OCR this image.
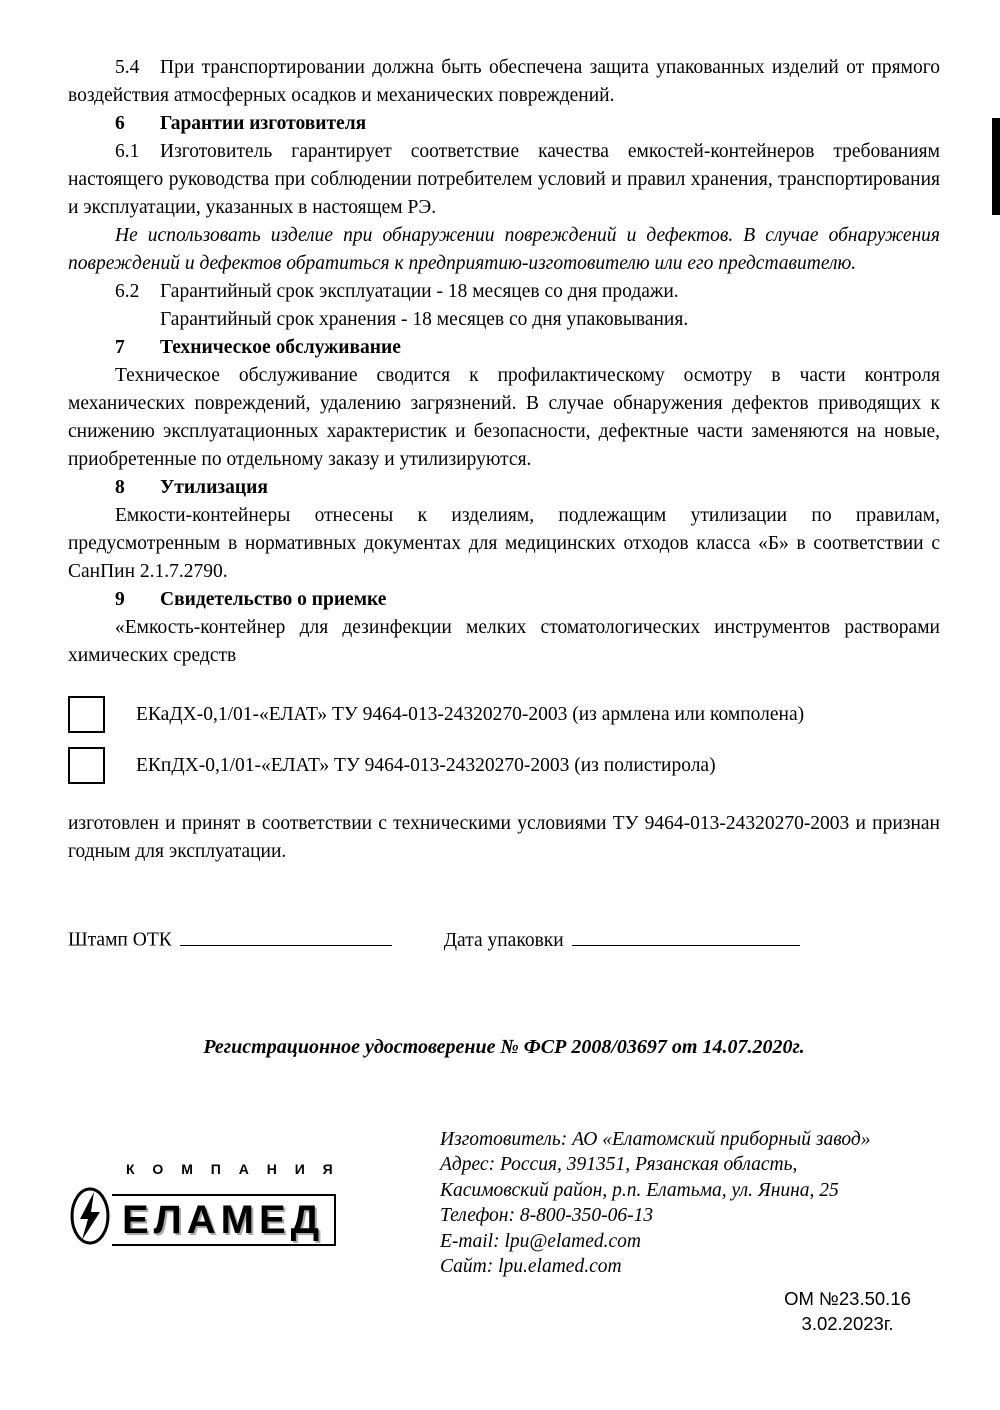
5.4 При транспортировании должна быть обеспечена защита упакованных изделий от прямого воздействия атмосферных осадков и механических повреждений.

6 Гарантии изготовителя

6.1 Изготовитель гарантирует соответствие качества емкостей-контейнеров требованиям настоящего руководства при соблюдении потребителем условий и правил хранения, транспортирования и эксплуатации, указанных в настоящем РЭ.

Не использовать изделие при обнаружении повреждений и дефектов. В случае обнаружения повреждений и дефектов обратиться к предприятию-изготовителю или его представителю.

6.2 Гарантийный срок эксплуатации - 18 месяцев со дня продажи.

Гарантийный срок хранения - 18 месяцев со дня упаковывания.

7 Техническое обслуживание

Техническое обслуживание сводится к профилактическому осмотру в части контроля механических повреждений, удалению загрязнений. В случае обнаружения дефектов приводящих к снижению эксплуатационных характеристик и безопасности, дефектные части заменяются на новые, приобретенные по отдельному заказу и утилизируются.

8 Утилизация

Емкости-контейнеры отнесены к изделиям, подлежащим утилизации по правилам, предусмотренным в нормативных документах для медицинских отходов класса «Б» в соответствии с СанПин 2.1.7.2790.

9 Свидетельство о приемке

«Емкость-контейнер для дезинфекции мелких стоматологических инструментов растворами химических средств

ЕКаДХ-0,1/01-«ЕЛАТ» ТУ 9464-013-24320270-2003 (из армлена или комполена)
ЕКпДХ-0,1/01-«ЕЛАТ» ТУ 9464-013-24320270-2003 (из полистирола)

изготовлен и принят в соответствии с техническими условиями ТУ 9464-013-24320270-2003 и признан годным для эксплуатации.

Штамп ОТК	Дата упаковки

Регистрационное удостоверение № ФСР 2008/03697 от 14.07.2020г.

К О М П А Н И Я
ЕЛАМЕД

Изготовитель: АО «Елатомский приборный завод»

Адрес: Россия, 391351, Рязанская область,

Касимовский район, р.п. Елатьма, ул. Янина, 25

Телефон: 8-800-350-06-13

E-mail: lpu@elamed.com

Сайт: lpu.elamed.com

ОМ №23.50.16
3.02.2023г.
